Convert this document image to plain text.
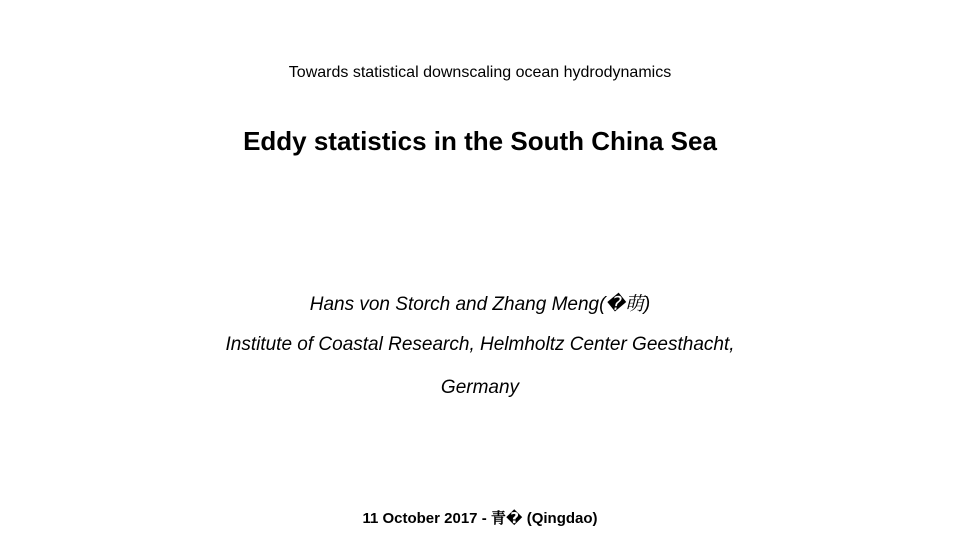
Towards statistical downscaling ocean hydrodynamics
Eddy statistics in the South China Sea
Hans von Storch and Zhang Meng(�萌)
Institute of Coastal Research, Helmholtz Center Geesthacht,
Germany
11 October 2017 - 青� (Qingdao)
